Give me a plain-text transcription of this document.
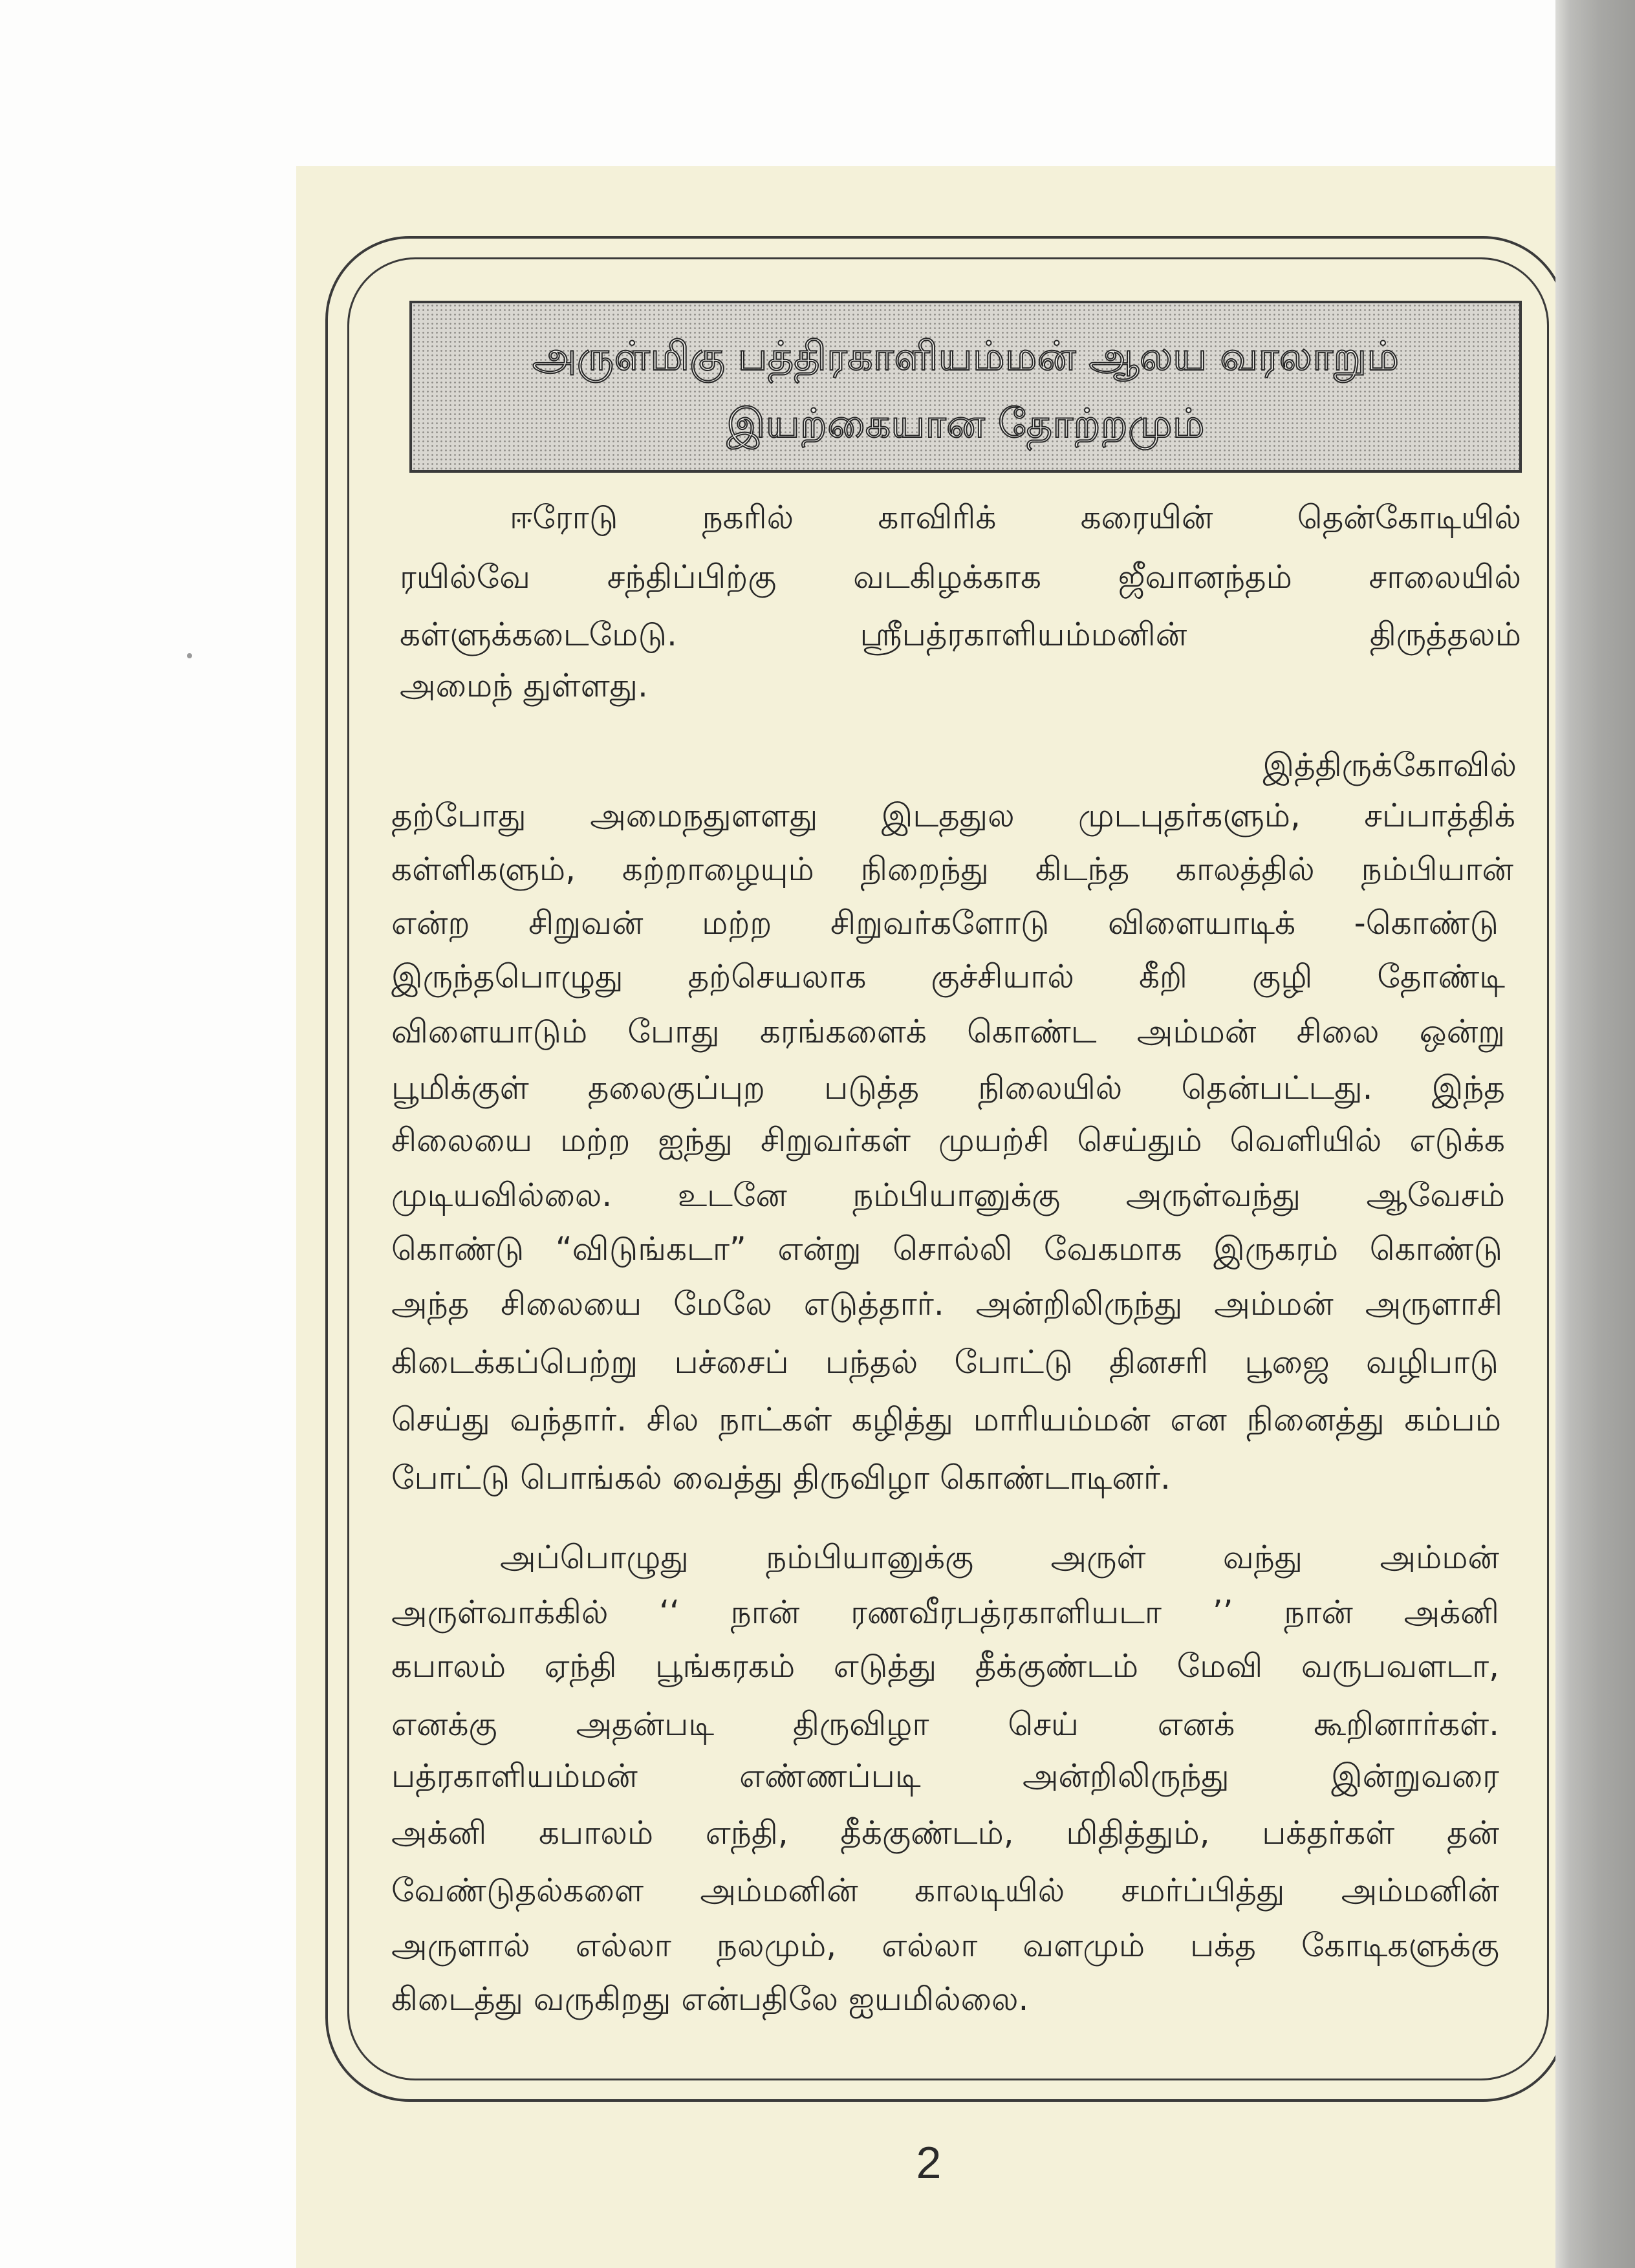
அருள்மிகு பத்திரகாளியம்மன் ஆலய வரலாறும்
இயற்கையான தோற்றமும்
ஈரோடு நகரில் காவிரிக் கரையின் தென்கோடியில்
ரயில்வே சந்திப்பிற்கு வடகிழக்காக ஜீவானந்தம் சாலையில்
கள்ளுக்கடைமேடு. ஸ்ரீபத்ரகாளியம்மனின் திருத்தலம்
அமைந் துள்ளது.
இத்திருக்கோவில்
தற்போது அமைநதுளளது இடததுல முடபுதர்களும், சப்பாத்திக்
கள்ளிகளும், கற்றாழையும் நிறைந்து கிடந்த காலத்தில் நம்பியான்
என்ற சிறுவன் மற்ற சிறுவர்களோடு விளையாடிக் -கொண்டு
இருந்தபொழுது தற்செயலாக குச்சியால் கீறி குழி தோண்டி
விளையாடும் போது கரங்களைக் கொண்ட அம்மன் சிலை ஒன்று
பூமிக்குள் தலைகுப்புற படுத்த நிலையில் தென்பட்டது. இந்த
சிலையை மற்ற ஐந்து சிறுவர்கள் முயற்சி செய்தும் வெளியில் எடுக்க
முடியவில்லை. உடனே நம்பியானுக்கு அருள்வந்து ஆவேசம்
கொண்டு “விடுங்கடா” என்று சொல்லி வேகமாக இருகரம் கொண்டு
அந்த சிலையை மேலே எடுத்தார். அன்றிலிருந்து அம்மன் அருளாசி
கிடைக்கப்பெற்று பச்சைப் பந்தல் போட்டு தினசரி பூஜை வழிபாடு
செய்து வந்தார். சில நாட்கள் கழித்து மாரியம்மன் என நினைத்து கம்பம்
போட்டு பொங்கல் வைத்து திருவிழா கொண்டாடினர்.
அப்பொழுது நம்பியானுக்கு அருள் வந்து அம்மன்
அருள்வாக்கில் ‘‘ நான் ரணவீரபத்ரகாளியடா ’’ நான் அக்னி
கபாலம் ஏந்தி பூங்கரகம் எடுத்து தீக்குண்டம் மேவி வருபவளடா,
எனக்கு அதன்படி திருவிழா செய் எனக் கூறினார்கள்.
பத்ரகாளியம்மன் எண்ணப்படி அன்றிலிருந்து இன்றுவரை
அக்னி கபாலம் எந்தி, தீக்குண்டம், மிதித்தும், பக்தர்கள் தன்
வேண்டுதல்களை அம்மனின் காலடியில் சமர்ப்பித்து அம்மனின்
அருளால் எல்லா நலமும், எல்லா வளமும் பக்த கோடிகளுக்கு
கிடைத்து வருகிறது என்பதிலே ஐயமில்லை.
2
